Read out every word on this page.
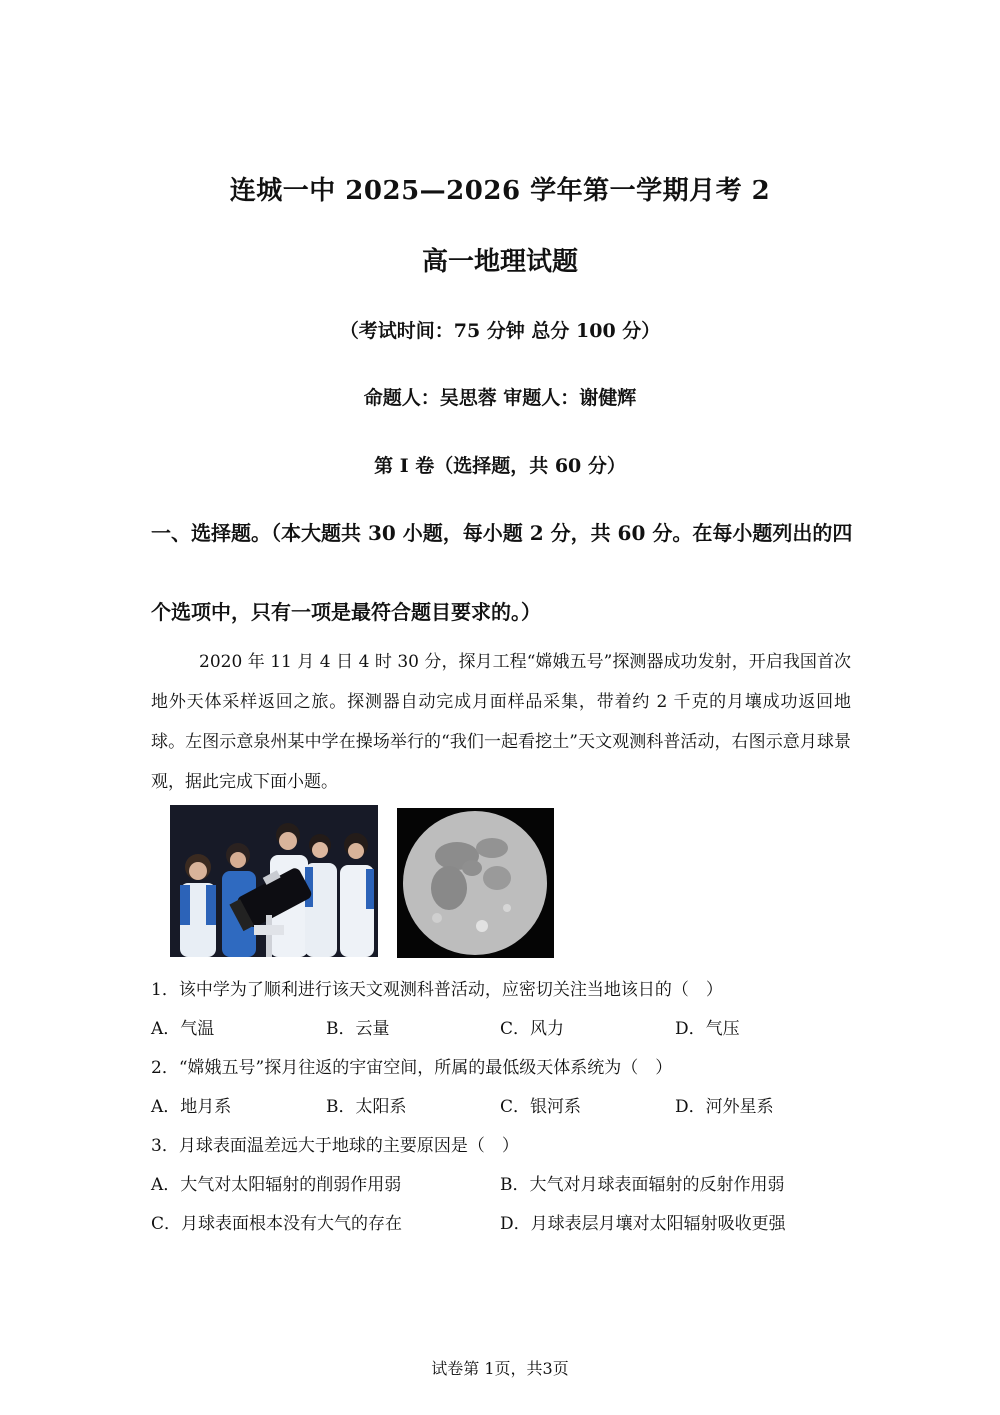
连城一中 2025—2026 学年第一学期月考 2
高一地理试题
（考试时间：75 分钟 总分 100 分）
命题人：吴思蓉 审题人：谢健辉
第 I 卷（选择题，共 60 分）
一、选择题。（本大题共 30 小题，每小题 2 分，共 60 分。在每小题列出的四
个选项中，只有一项是最符合题目要求的。）

2020 年 11 月 4 日 4 时 30 分，探月工程“嫦娥五号”探测器成功发射，开启我国首次地外天体采样返回之旅。探测器自动完成月面样品采集，带着约 2 千克的月壤成功返回地球。左图示意泉州某中学在操场举行的“我们一起看挖土”天文观测科普活动，右图示意月球景观，据此完成下面小题。

1．该中学为了顺利进行该天文观测科普活动，应密切关注当地该日的（　）
A．气温	B．云量	C．风力	D．气压
2．“嫦娥五号”探月往返的宇宙空间，所属的最低级天体系统为（　）
A．地月系	B．太阳系	C．银河系	D．河外星系
3．月球表面温差远大于地球的主要原因是（　）
A．大气对太阳辐射的削弱作用弱	B．大气对月球表面辐射的反射作用弱
C．月球表面根本没有大气的存在	D．月球表层月壤对太阳辐射吸收更强
试卷第 1页，共3页
